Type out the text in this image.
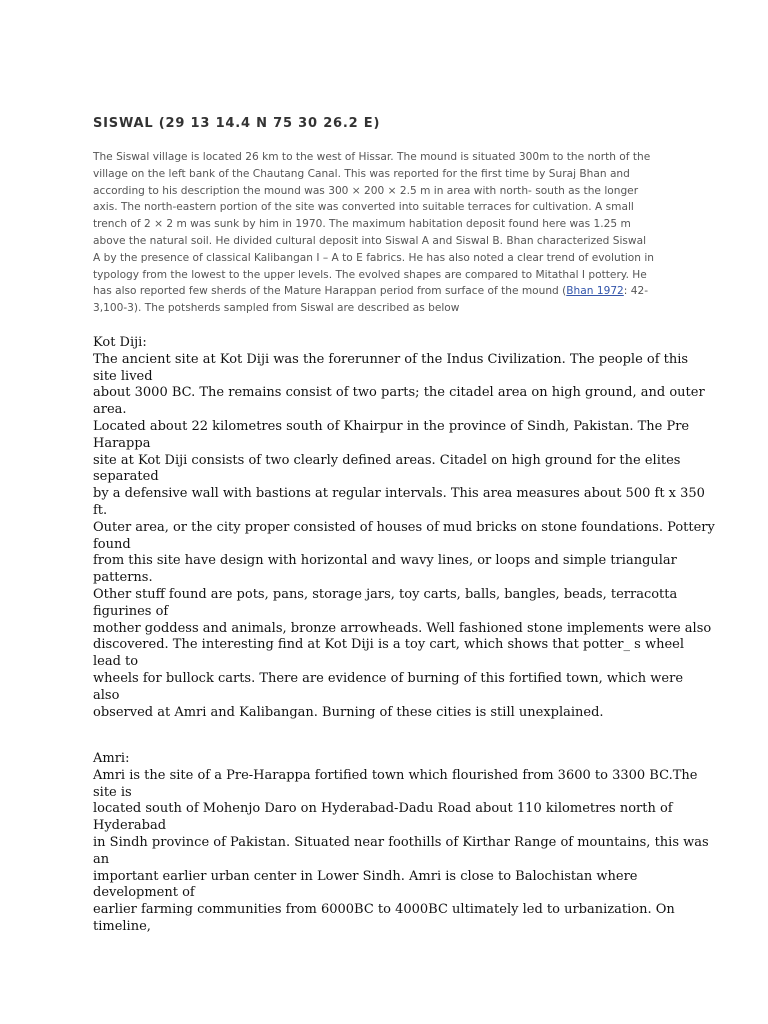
SISWAL (29 13 14.4 N 75 30 26.2 E)

The Siswal village is located 26 km to the west of Hissar. The mound is situated 300m to the north of the
village on the left bank of the Chautang Canal. This was reported for the first time by Suraj Bhan and
according to his description the mound was 300 × 200 × 2.5 m in area with north- south as the longer
axis. The north-eastern portion of the site was converted into suitable terraces for cultivation. A small
trench of 2 × 2 m was sunk by him in 1970. The maximum habitation deposit found here was 1.25 m
above the natural soil. He divided cultural deposit into Siswal A and Siswal B. Bhan characterized Siswal
A by the presence of classical Kalibangan I – A to E fabrics. He has also noted a clear trend of evolution in
typology from the lowest to the upper levels. The evolved shapes are compared to Mitathal I pottery. He
has also reported few sherds of the Mature Harappan period from surface of the mound (Bhan 1972: 42-
3,100-3). The potsherds sampled from Siswal are described as below

Kot Diji:
The ancient site at Kot Diji was the forerunner of the Indus Civilization. The people of this
site lived
about 3000 BC. The remains consist of two parts; the citadel area on high ground, and outer
area.
Located about 22 kilometres south of Khairpur in the province of Sindh, Pakistan. The Pre
Harappa
site at Kot Diji consists of two clearly defined areas. Citadel on high ground for the elites
separated
by a defensive wall with bastions at regular intervals. This area measures about 500 ft x 350
ft.
Outer area, or the city proper consisted of houses of mud bricks on stone foundations. Pottery
found
from this site have design with horizontal and wavy lines, or loops and simple triangular
patterns.
Other stuff found are pots, pans, storage jars, toy carts, balls, bangles, beads, terracotta
figurines of
mother goddess and animals, bronze arrowheads. Well fashioned stone implements were also
discovered. The interesting find at Kot Diji is a toy cart, which shows that potter_ s wheel
lead to
wheels for bullock carts. There are evidence of burning of this fortified town, which were
also
observed at Amri and Kalibangan. Burning of these cities is still unexplained.
Amri:
Amri is the site of a Pre-Harappa fortified town which flourished from 3600 to 3300 BC.The
site is
located south of Mohenjo Daro on Hyderabad-Dadu Road about 110 kilometres north of
Hyderabad
in Sindh province of Pakistan. Situated near foothills of Kirthar Range of mountains, this was
an
important earlier urban center in Lower Sindh. Amri is close to Balochistan where
development of
earlier farming communities from 6000BC to 4000BC ultimately led to urbanization. On
timeline,
